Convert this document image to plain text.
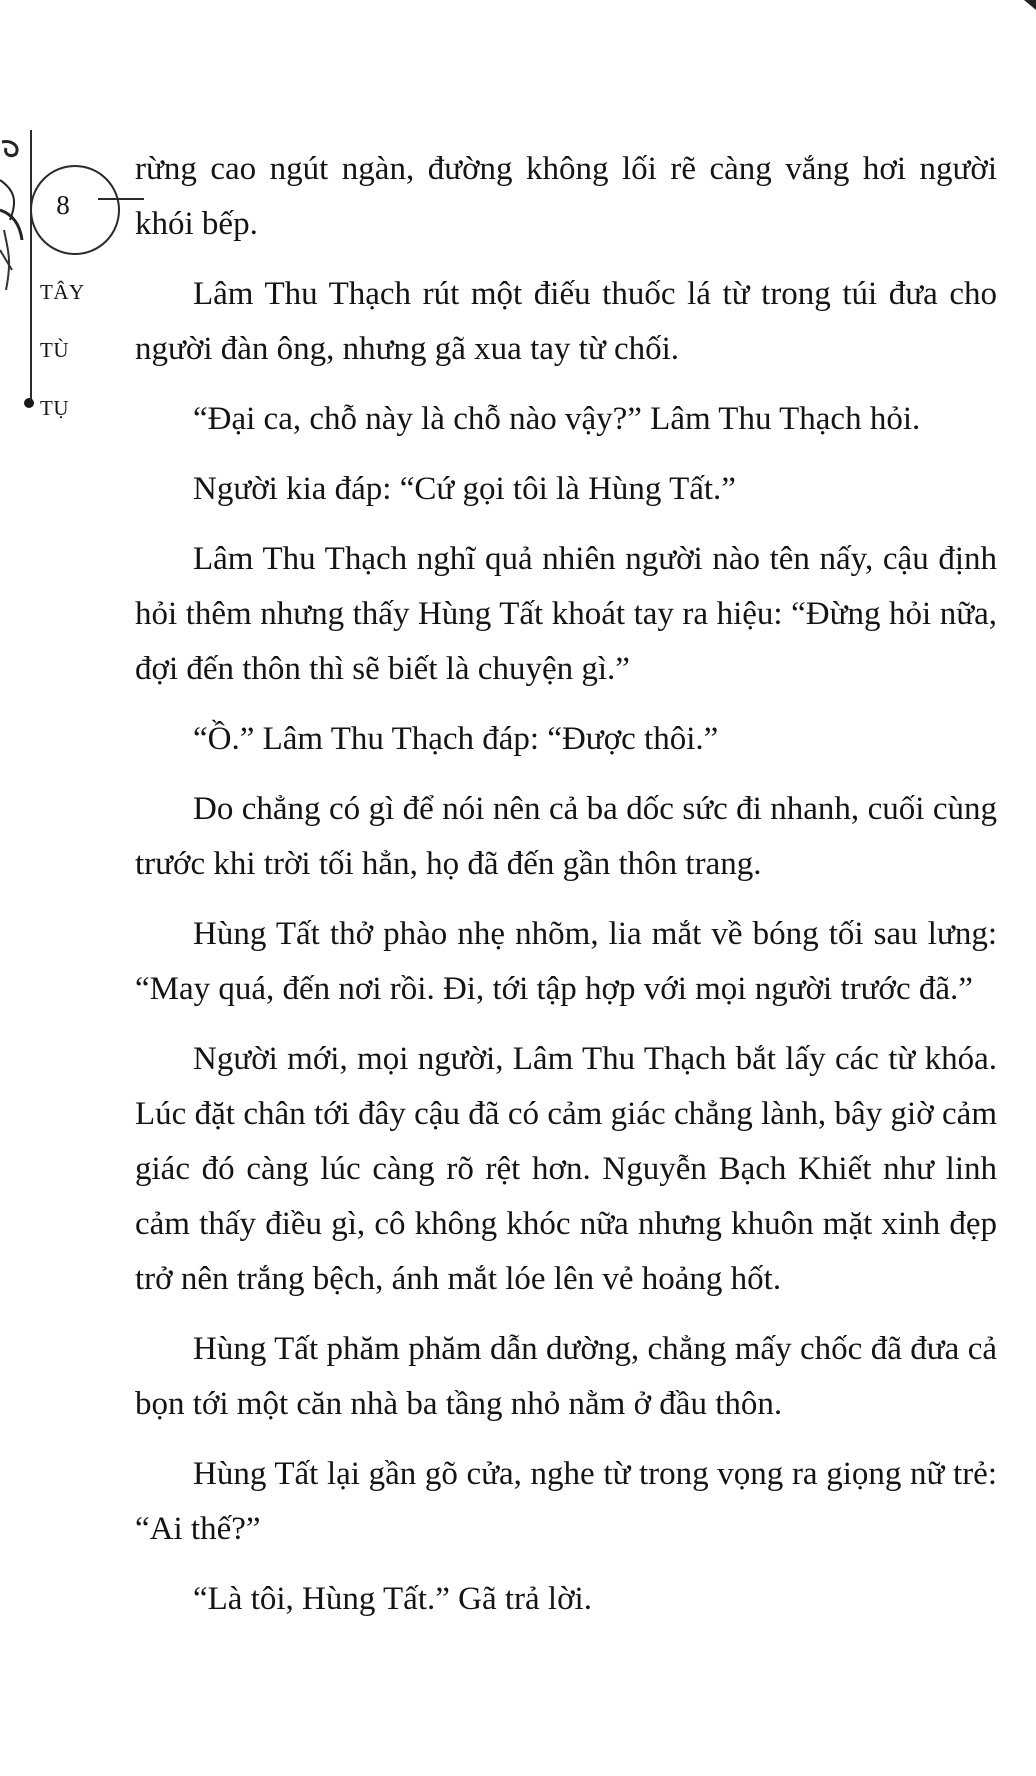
8
TÂY
TÙ
TỤ

rừng cao ngút ngàn, đường không lối rẽ càng vắng hơi người khói bếp.

Lâm Thu Thạch rút một điếu thuốc lá từ trong túi đưa cho người đàn ông, nhưng gã xua tay từ chối.

“Đại ca, chỗ này là chỗ nào vậy?” Lâm Thu Thạch hỏi.

Người kia đáp: “Cứ gọi tôi là Hùng Tất.”

Lâm Thu Thạch nghĩ quả nhiên người nào tên nấy, cậu định hỏi thêm nhưng thấy Hùng Tất khoát tay ra hiệu: “Đừng hỏi nữa, đợi đến thôn thì sẽ biết là chuyện gì.”

“Ồ.” Lâm Thu Thạch đáp: “Được thôi.”

Do chẳng có gì để nói nên cả ba dốc sức đi nhanh, cuối cùng trước khi trời tối hẳn, họ đã đến gần thôn trang.

Hùng Tất thở phào nhẹ nhõm, lia mắt về bóng tối sau lưng: “May quá, đến nơi rồi. Đi, tới tập hợp với mọi người trước đã.”

Người mới, mọi người, Lâm Thu Thạch bắt lấy các từ khóa. Lúc đặt chân tới đây cậu đã có cảm giác chẳng lành, bây giờ cảm giác đó càng lúc càng rõ rệt hơn. Nguyễn Bạch Khiết như linh cảm thấy điều gì, cô không khóc nữa nhưng khuôn mặt xinh đẹp trở nên trắng bệch, ánh mắt lóe lên vẻ hoảng hốt.

Hùng Tất phăm phăm dẫn dường, chẳng mấy chốc đã đưa cả bọn tới một căn nhà ba tầng nhỏ nằm ở đầu thôn.

Hùng Tất lại gần gõ cửa, nghe từ trong vọng ra giọng nữ trẻ: “Ai thế?”

“Là tôi, Hùng Tất.” Gã trả lời.
